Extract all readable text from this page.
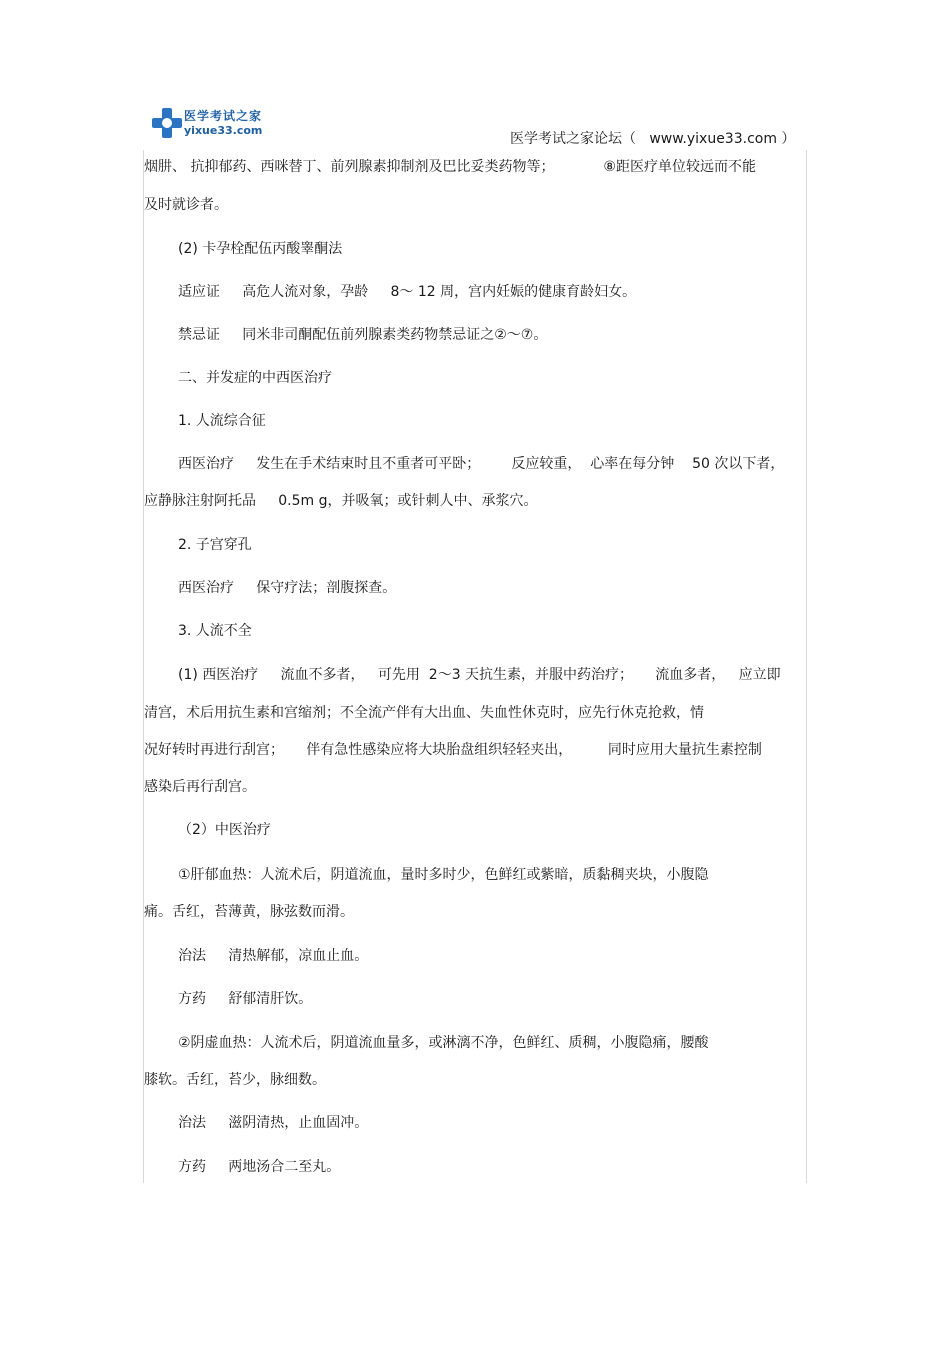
医学考试之家
yixue33.com
医学考试之家论坛（   www.yixue33.com ）
烟肼、 抗抑郁药、西咪替丁、前列腺素抑制剂及巴比妥类药物等；           ⑧距医疗单位较远而不能
及时就诊者。
(2) 卡孕栓配伍丙酸睾酮法
适应证     高危人流对象，孕龄     8～ 12 周，宫内妊娠的健康育龄妇女。
禁忌证     同米非司酮配伍前列腺素类药物禁忌证之②～⑦。
二、并发症的中西医治疗
1. 人流综合征
西医治疗     发生在手术结束时且不重者可平卧；       反应较重，  心率在每分钟    50 次以下者，
应静脉注射阿托品     0.5m g，并吸氧；或针刺人中、承浆穴。
2. 子宫穿孔
西医治疗     保守疗法；剖腹探查。
3. 人流不全
(1) 西医治疗     流血不多者，   可先用  2～3 天抗生素，并服中药治疗；     流血多者，   应立即
清宫，术后用抗生素和宫缩剂；不全流产伴有大出血、失血性休克时，应先行休克抢救，情
况好转时再进行刮宫；     伴有急性感染应将大块胎盘组织轻轻夹出，        同时应用大量抗生素控制
感染后再行刮宫。
（2）中医治疗
①肝郁血热：人流术后，阴道流血，量时多时少，色鲜红或紫暗，质黏稠夹块，小腹隐
痛。舌红，苔薄黄，脉弦数而滑。
治法     清热解郁，凉血止血。
方药     舒郁清肝饮。
②阴虚血热：人流术后，阴道流血量多，或淋漓不净，色鲜红、质稠，小腹隐痛，腰酸
膝软。舌红，苔少，脉细数。
治法     滋阴清热，止血固冲。
方药     两地汤合二至丸。
